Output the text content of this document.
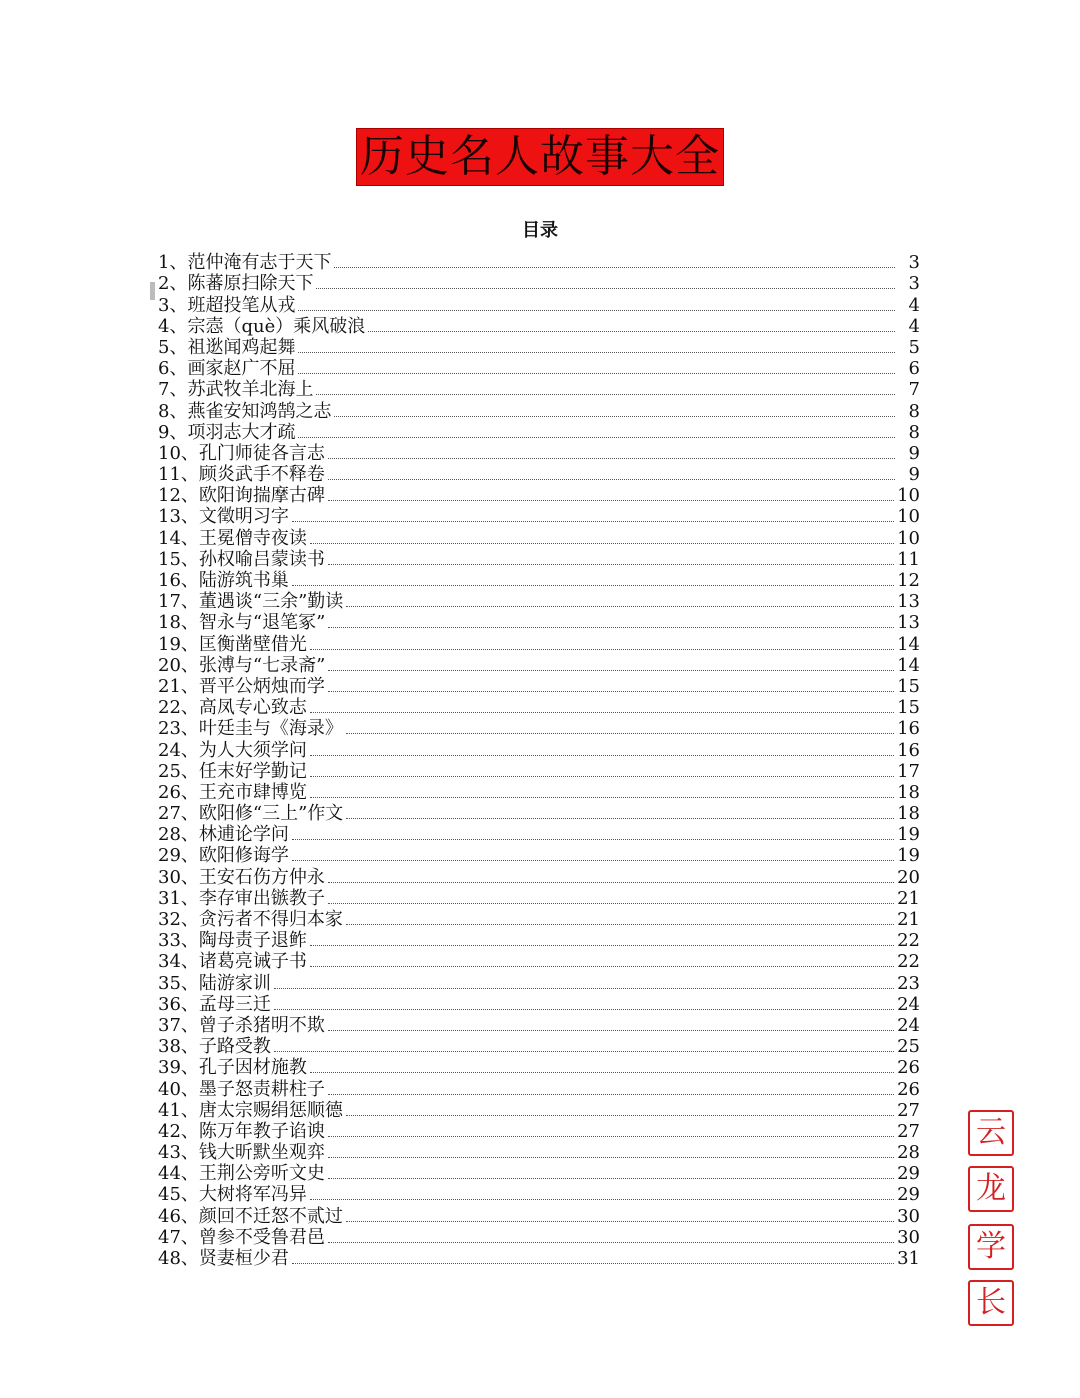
历史名人故事大全
目录
1、 范仲淹有志于天下	3
2、 陈蕃原扫除天下	3
3、 班超投笔从戎	4
4、 宗悫（què）乘风破浪	4
5、 祖逖闻鸡起舞	5
6、 画家赵广不屈	6
7、 苏武牧羊北海上	7
8、 燕雀安知鸿鹄之志	8
9、 项羽志大才疏	8
10、 孔门师徒各言志	9
11、 顾炎武手不释卷	9
12、 欧阳询揣摩古碑	10
13、 文徵明习字	10
14、 王冕僧寺夜读	10
15、 孙权喻吕蒙读书	11
16、 陆游筑书巢	12
17、 董遇谈“三余”勤读	13
18、 智永与“退笔冢”	13
19、 匡衡凿壁借光	14
20、 张溥与“七录斋”	14
21、 晋平公炳烛而学	15
22、 高凤专心致志	15
23、 叶廷圭与《海录》	16
24、 为人大须学问	16
25、 任末好学勤记	17
26、 王充市肆博览	18
27、 欧阳修“三上”作文	18
28、 林逋论学问	19
29、 欧阳修诲学	19
30、 王安石伤方仲永	20
31、 李存审出镞教子	21
32、 贪污者不得归本家	21
33、 陶母责子退鲊	22
34、 诸葛亮诫子书	22
35、 陆游家训	23
36、 孟母三迁	24
37、 曾子杀猪明不欺	24
38、 子路受教	25
39、 孔子因材施教	26
40、 墨子怒责耕柱子	26
41、 唐太宗赐绢惩顺德	27
42、 陈万年教子谄谀	27
43、 钱大昕默坐观弈	28
44、 王荆公旁听文史	29
45、 大树将军冯异	29
46、 颜回不迁怒不贰过	30
47、 曾参不受鲁君邑	30
48、 贤妻桓少君	31
云
龙
学
长
